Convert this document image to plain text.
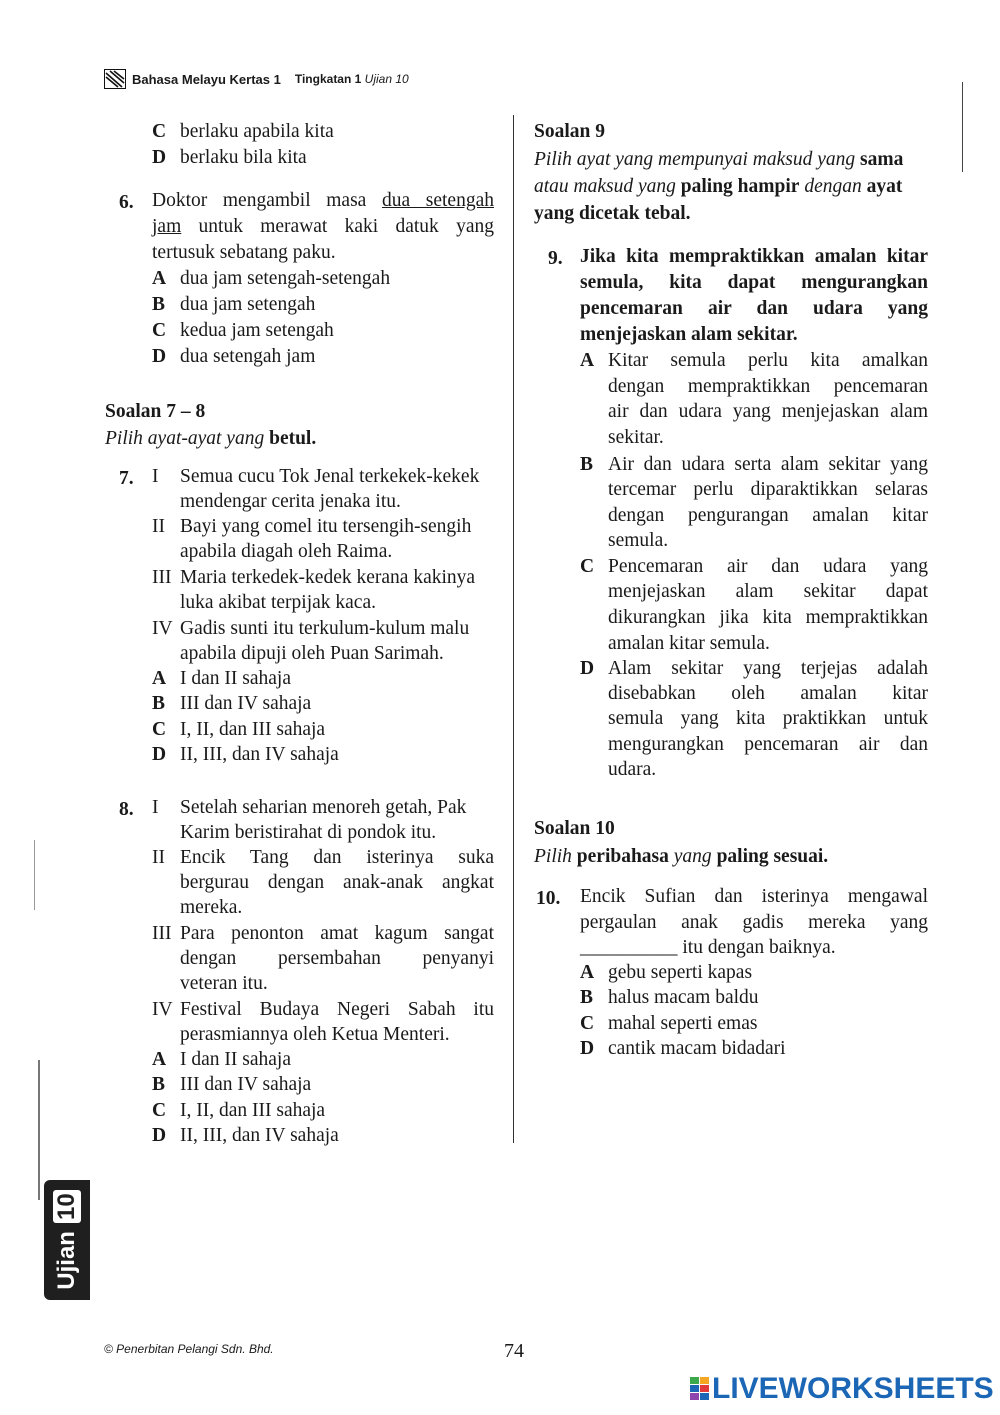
Bahasa Melayu Kertas 1 Tingkatan 1 Ujian 10
C berlaku apabila kita
D berlaku bila kita
6. Doktor mengambil masa dua setengah
jam untuk merawat kaki datuk yang
tertusuk sebatang paku.
A dua jam setengah-setengah
B dua jam setengah
C kedua jam setengah
D dua setengah jam
Soalan 7 – 8
Pilih ayat-ayat yang betul.
7. I Semua cucu Tok Jenal terkekek-kekek
mendengar cerita jenaka itu.
II Bayi yang comel itu tersengih-sengih
apabila diagah oleh Raima.
III Maria terkedek-kedek kerana kakinya
luka akibat terpijak kaca.
IV Gadis sunti itu terkulum-kulum malu
apabila dipuji oleh Puan Sarimah.
A I dan II sahaja
B III dan IV sahaja
C I, II, dan III sahaja
D II, III, dan IV sahaja
8. I Setelah seharian menoreh getah, Pak
Karim beristirahat di pondok itu.
II Encik Tang dan isterinya suka
bergurau dengan anak-anak angkat
mereka.
III Para penonton amat kagum sangat
dengan persembahan penyanyi
veteran itu.
IV Festival Budaya Negeri Sabah itu
perasmiannya oleh Ketua Menteri.
A I dan II sahaja
B III dan IV sahaja
C I, II, dan III sahaja
D II, III, dan IV sahaja
Soalan 9
Pilih ayat yang mempunyai maksud yang sama
atau maksud yang paling hampir dengan ayat
yang dicetak tebal.
9. Jika kita mempraktikkan amalan kitar
semula, kita dapat mengurangkan
pencemaran air dan udara yang
menjejaskan alam sekitar.
A Kitar semula perlu kita amalkan
dengan mempraktikkan pencemaran
air dan udara yang menjejaskan alam
sekitar.
B Air dan udara serta alam sekitar yang
tercemar perlu diparaktikkan selaras
dengan pengurangan amalan kitar
semula.
C Pencemaran air dan udara yang
menjejaskan alam sekitar dapat
dikurangkan jika kita mempraktikkan
amalan kitar semula.
D Alam sekitar yang terjejas adalah
disebabkan oleh amalan kitar
semula yang kita praktikkan untuk
mengurangkan pencemaran air dan
udara.
Soalan 10
Pilih peribahasa yang paling sesuai.
10. Encik Sufian dan isterinya mengawal
pergaulan anak gadis mereka yang
__________ itu dengan baiknya.
A gebu seperti kapas
B halus macam baldu
C mahal seperti emas
D cantik macam bidadari
Ujian
10
© Penerbitan Pelangi Sdn. Bhd.	74
LIVEWORKSHEETS
